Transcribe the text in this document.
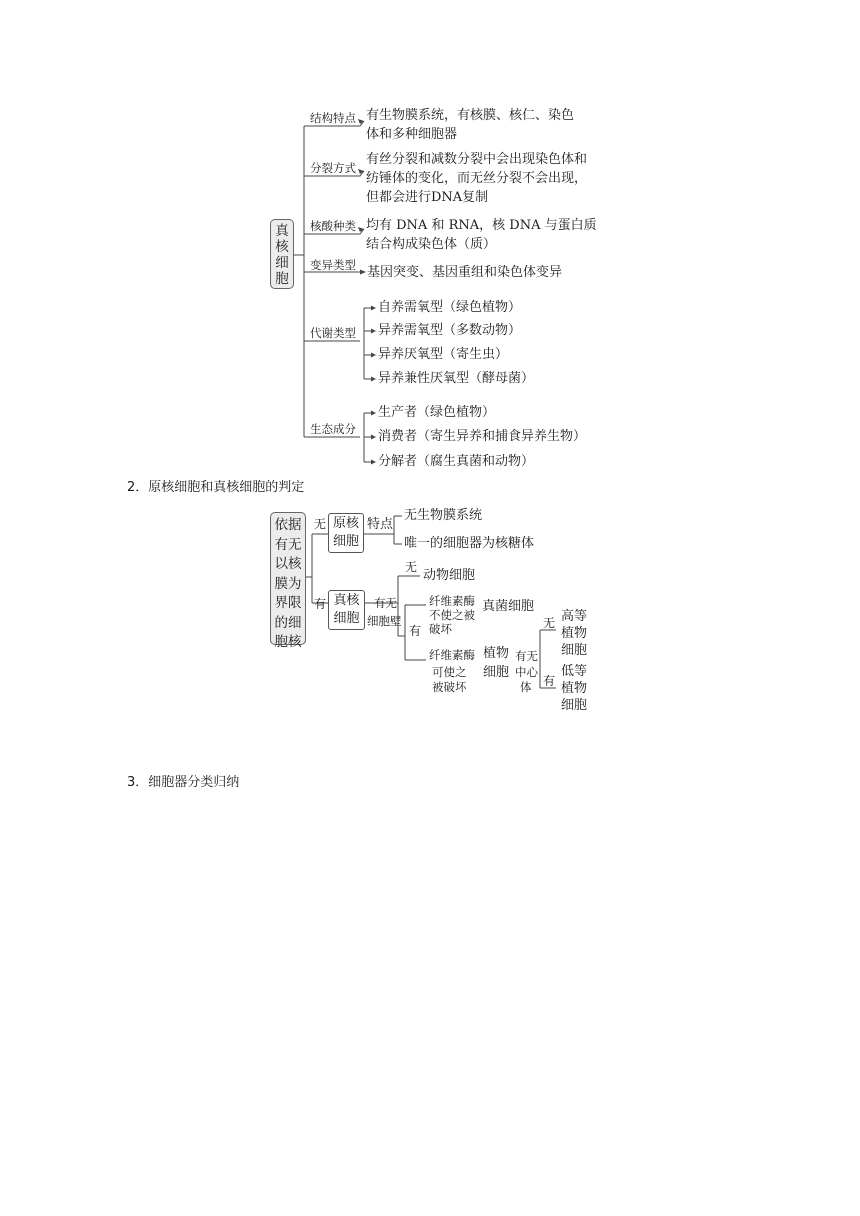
真核细胞
结构特点 有生物膜系统，有核膜、核仁、染色
体和多种细胞器
分裂方式
有丝分裂和减数分裂中会出现染色体和
纺锤体的变化，而无丝分裂不会出现，
但都会进行DNA复制
核酸种类 均有 DNA 和 RNA，核 DNA 与蛋白质
结合构成染色体（质）
变异类型 基因突变、基因重组和染色体变异
代谢类型
自养需氧型（绿色植物）
异养需氧型（多数动物）
异养厌氧型（寄生虫）
异养兼性厌氧型（酵母菌）
生态成分
生产者（绿色植物）
消费者（寄生异养和捕食异养生物）
分解者（腐生真菌和动物）
2．原核细胞和真核细胞的判定
依据有无以核膜为界限的细胞核
无
有
原核细胞
特点
无生物膜系统
唯一的细胞器为核糖体
真核细胞
有无
细胞壁
无
动物细胞
有
纤维素酶
不使之被
破坏
真菌细胞
纤维素酶
可使之
被破坏
植物
细胞
有无
中心
体
无 高等
植物
细胞
有
低等
植物
细胞
3．细胞器分类归纳
